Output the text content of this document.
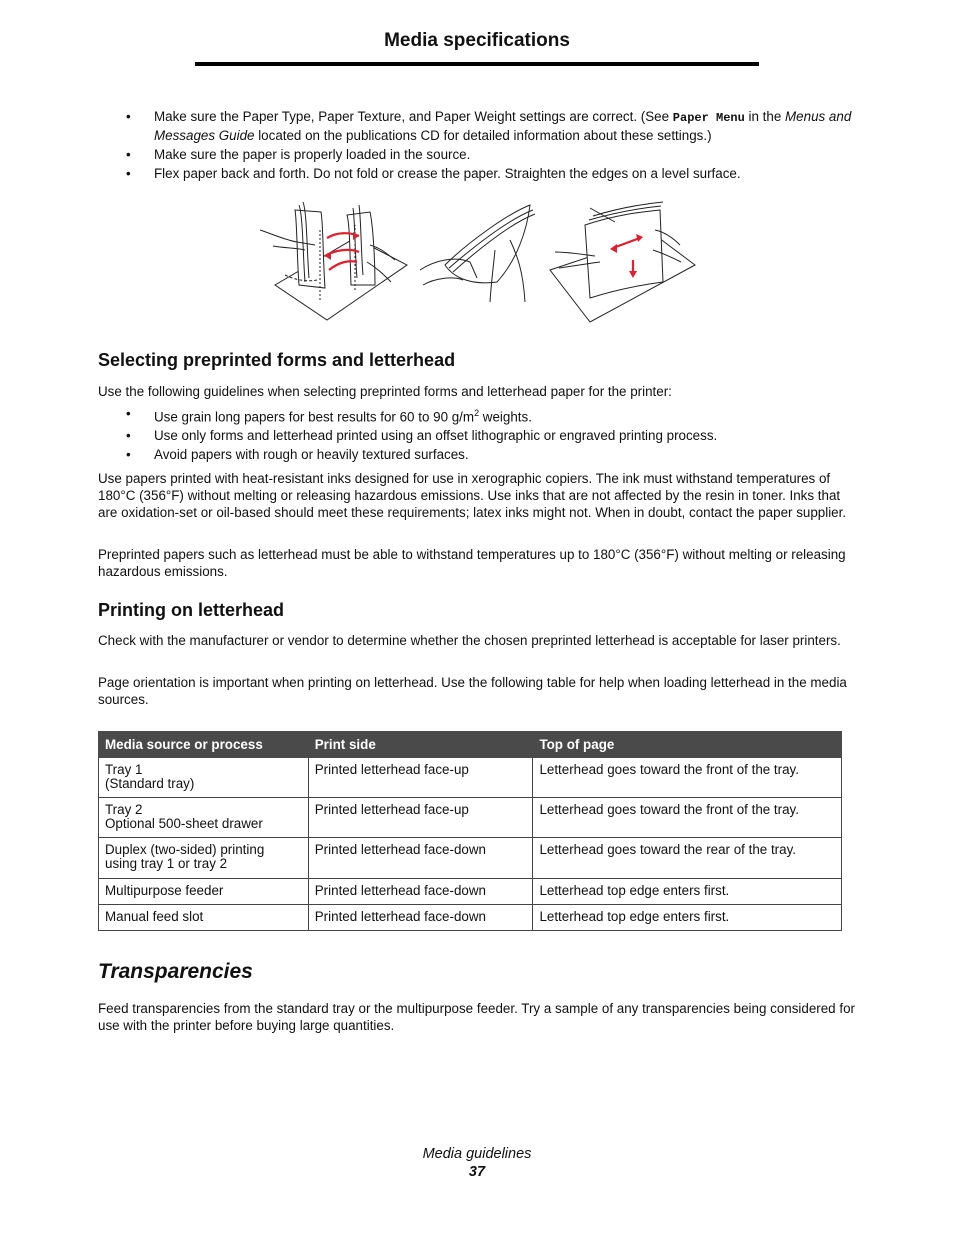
Media specifications
• Make sure the Paper Type, Paper Texture, and Paper Weight settings are correct. (See Paper Menu in the Menus and Messages Guide located on the publications CD for detailed information about these settings.)
• Make sure the paper is properly loaded in the source.
• Flex paper back and forth. Do not fold or crease the paper. Straighten the edges on a level surface.
Selecting preprinted forms and letterhead
Use the following guidelines when selecting preprinted forms and letterhead paper for the printer:
• Use grain long papers for best results for 60 to 90 $g/m^2$ weights.
• Use only forms and letterhead printed using an offset lithographic or engraved printing process.
• Avoid papers with rough or heavily textured surfaces.
Use papers printed with heat-resistant inks designed for use in xerographic copiers. The ink must withstand temperatures of 180°C (356°F) without melting or releasing hazardous emissions. Use inks that are not affected by the resin in toner. Inks that are oxidation-set or oil-based should meet these requirements; latex inks might not. When in doubt, contact the paper supplier.
Preprinted papers such as letterhead must be able to withstand temperatures up to 180°C (356°F) without melting or releasing hazardous emissions.
Printing on letterhead
Check with the manufacturer or vendor to determine whether the chosen preprinted letterhead is acceptable for laser printers.
Page orientation is important when printing on letterhead. Use the following table for help when loading letterhead in the media sources.
Media source or process	Print side	Top of page

Tray 1
(Standard tray)	Printed letterhead face-up	Letterhead goes toward the front of the tray.

Tray 2
Optional 500-sheet drawer	Printed letterhead face-up	Letterhead goes toward the front of the tray.

Duplex (two-sided) printing
using tray 1 or tray 2	Printed letterhead face-down	Letterhead goes toward the rear of the tray.
Multipurpose feeder	Printed letterhead face-down	Letterhead top edge enters first.
Manual feed slot	Printed letterhead face-down	Letterhead top edge enters first.
Transparencies
Feed transparencies from the standard tray or the multipurpose feeder. Try a sample of any transparencies being considered for use with the printer before buying large quantities.
Media guidelines
37
